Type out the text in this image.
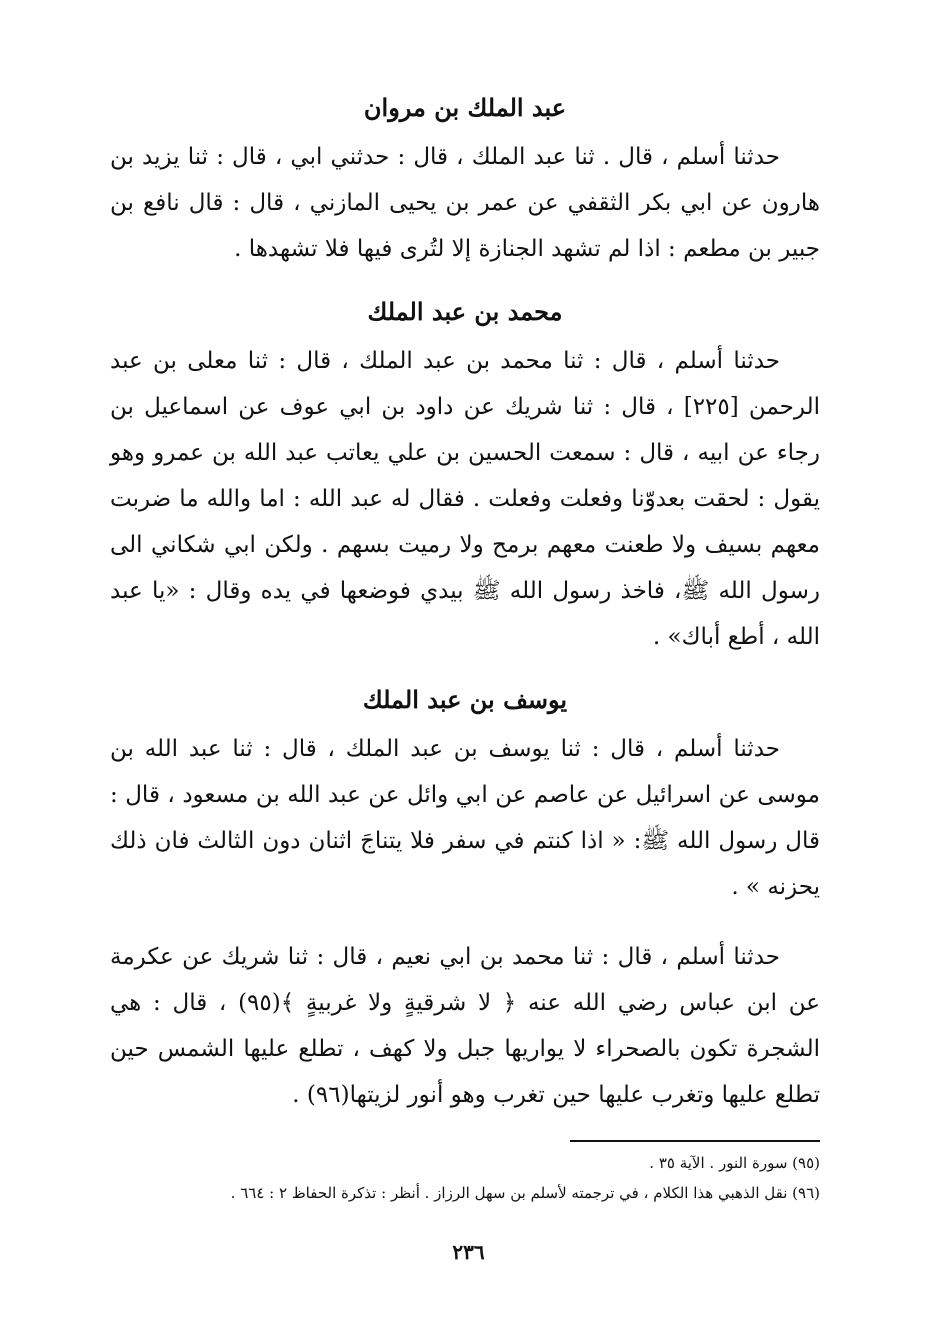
عبد الملك بن مروان

حدثنا أسلم ، قال . ثنا عبد الملك ، قال : حدثني ابي ، قال : ثنا يزيد بن هارون عن ابي بكر الثقفي عن عمر بن يحيى المازني ، قال : قال نافع بن جبير بن مطعم : اذا لم تشهد الجنازة إلا لتُرى فيها فلا تشهدها .

محمد بن عبد الملك

حدثنا أسلم ، قال : ثنا محمد بن عبد الملك ، قال : ثنا معلى بن عبد الرحمن [٢٢٥] ، قال : ثنا شريك عن داود بن ابي عوف عن اسماعيل بن رجاء عن ابيه ، قال : سمعت الحسين بن علي يعاتب عبد الله بن عمرو وهو يقول : لحقت بعدوّنا وفعلت وفعلت . فقال له عبد الله : اما والله ما ضربت معهم بسيف ولا طعنت معهم برمح ولا رميت بسهم . ولكن ابي شكاني الى رسول الله ﷺ، فاخذ رسول الله ﷺ بيدي فوضعها في يده وقال : «يا عبد الله ، أطع أباك» .

يوسف بن عبد الملك

حدثنا أسلم ، قال : ثنا يوسف بن عبد الملك ، قال : ثنا عبد الله بن موسى عن اسرائيل عن عاصم عن ابي وائل عن عبد الله بن مسعود ، قال : قال رسول الله ﷺ: « اذا كنتم في سفر فلا يتناجَ اثنان دون الثالث فان ذلك يحزنه » .

حدثنا أسلم ، قال : ثنا محمد بن ابي نعيم ، قال : ثنا شريك عن عكرمة عن ابن عباس رضي الله عنه ﴿ لا شرقيةٍ ولا غربيةٍ ﴾(٩٥) ، قال : هي الشجرة تكون بالصحراء لا يواريها جبل ولا كهف ، تطلع عليها الشمس حين تطلع عليها وتغرب عليها حين تغرب وهو أنور لزيتها(٩٦) .

(٩٥) سورة النور . الآية ٣٥ .

(٩٦) نقل الذهبي هذا الكلام ، في ترجمته لأسلم بن سهل الرزاز . أنظر : تذكرة الحفاظ ٢ : ٦٦٤ .

٢٣٦
